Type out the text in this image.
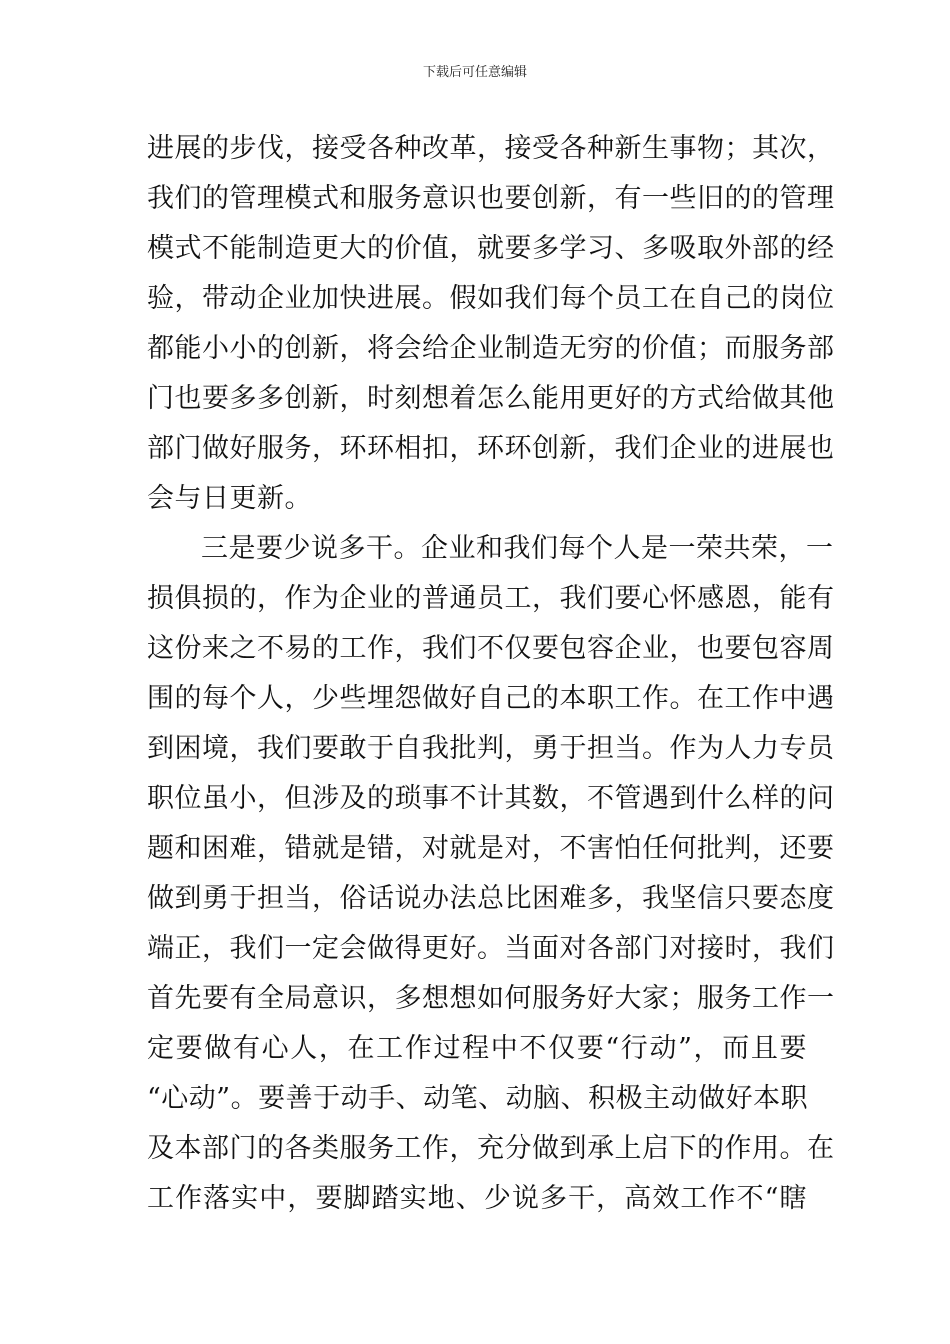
下载后可任意编辑
进展的步伐，接受各种改革，接受各种新生事物；其次，
我们的管理模式和服务意识也要创新，有一些旧的的管理
模式不能制造更大的价值，就要多学习、多吸取外部的经
验，带动企业加快进展。假如我们每个员工在自己的岗位
都能小小的创新，将会给企业制造无穷的价值；而服务部
门也要多多创新，时刻想着怎么能用更好的方式给做其他
部门做好服务，环环相扣，环环创新，我们企业的进展也
会与日更新。
三是要少说多干。企业和我们每个人是一荣共荣，一
损俱损的，作为企业的普通员工，我们要心怀感恩，能有
这份来之不易的工作，我们不仅要包容企业，也要包容周
围的每个人，少些埋怨做好自己的本职工作。在工作中遇
到困境，我们要敢于自我批判，勇于担当。作为人力专员
职位虽小，但涉及的琐事不计其数，不管遇到什么样的问
题和困难，错就是错，对就是对，不害怕任何批判，还要
做到勇于担当，俗话说办法总比困难多，我坚信只要态度
端正，我们一定会做得更好。当面对各部门对接时，我们
首先要有全局意识，多想想如何服务好大家；服务工作一
定要做有心人，在工作过程中不仅要“行动”，而且要
“心动”。要善于动手、动笔、动脑、积极主动做好本职
及本部门的各类服务工作，充分做到承上启下的作用。在
工作落实中，要脚踏实地、少说多干，高效工作不“瞎
